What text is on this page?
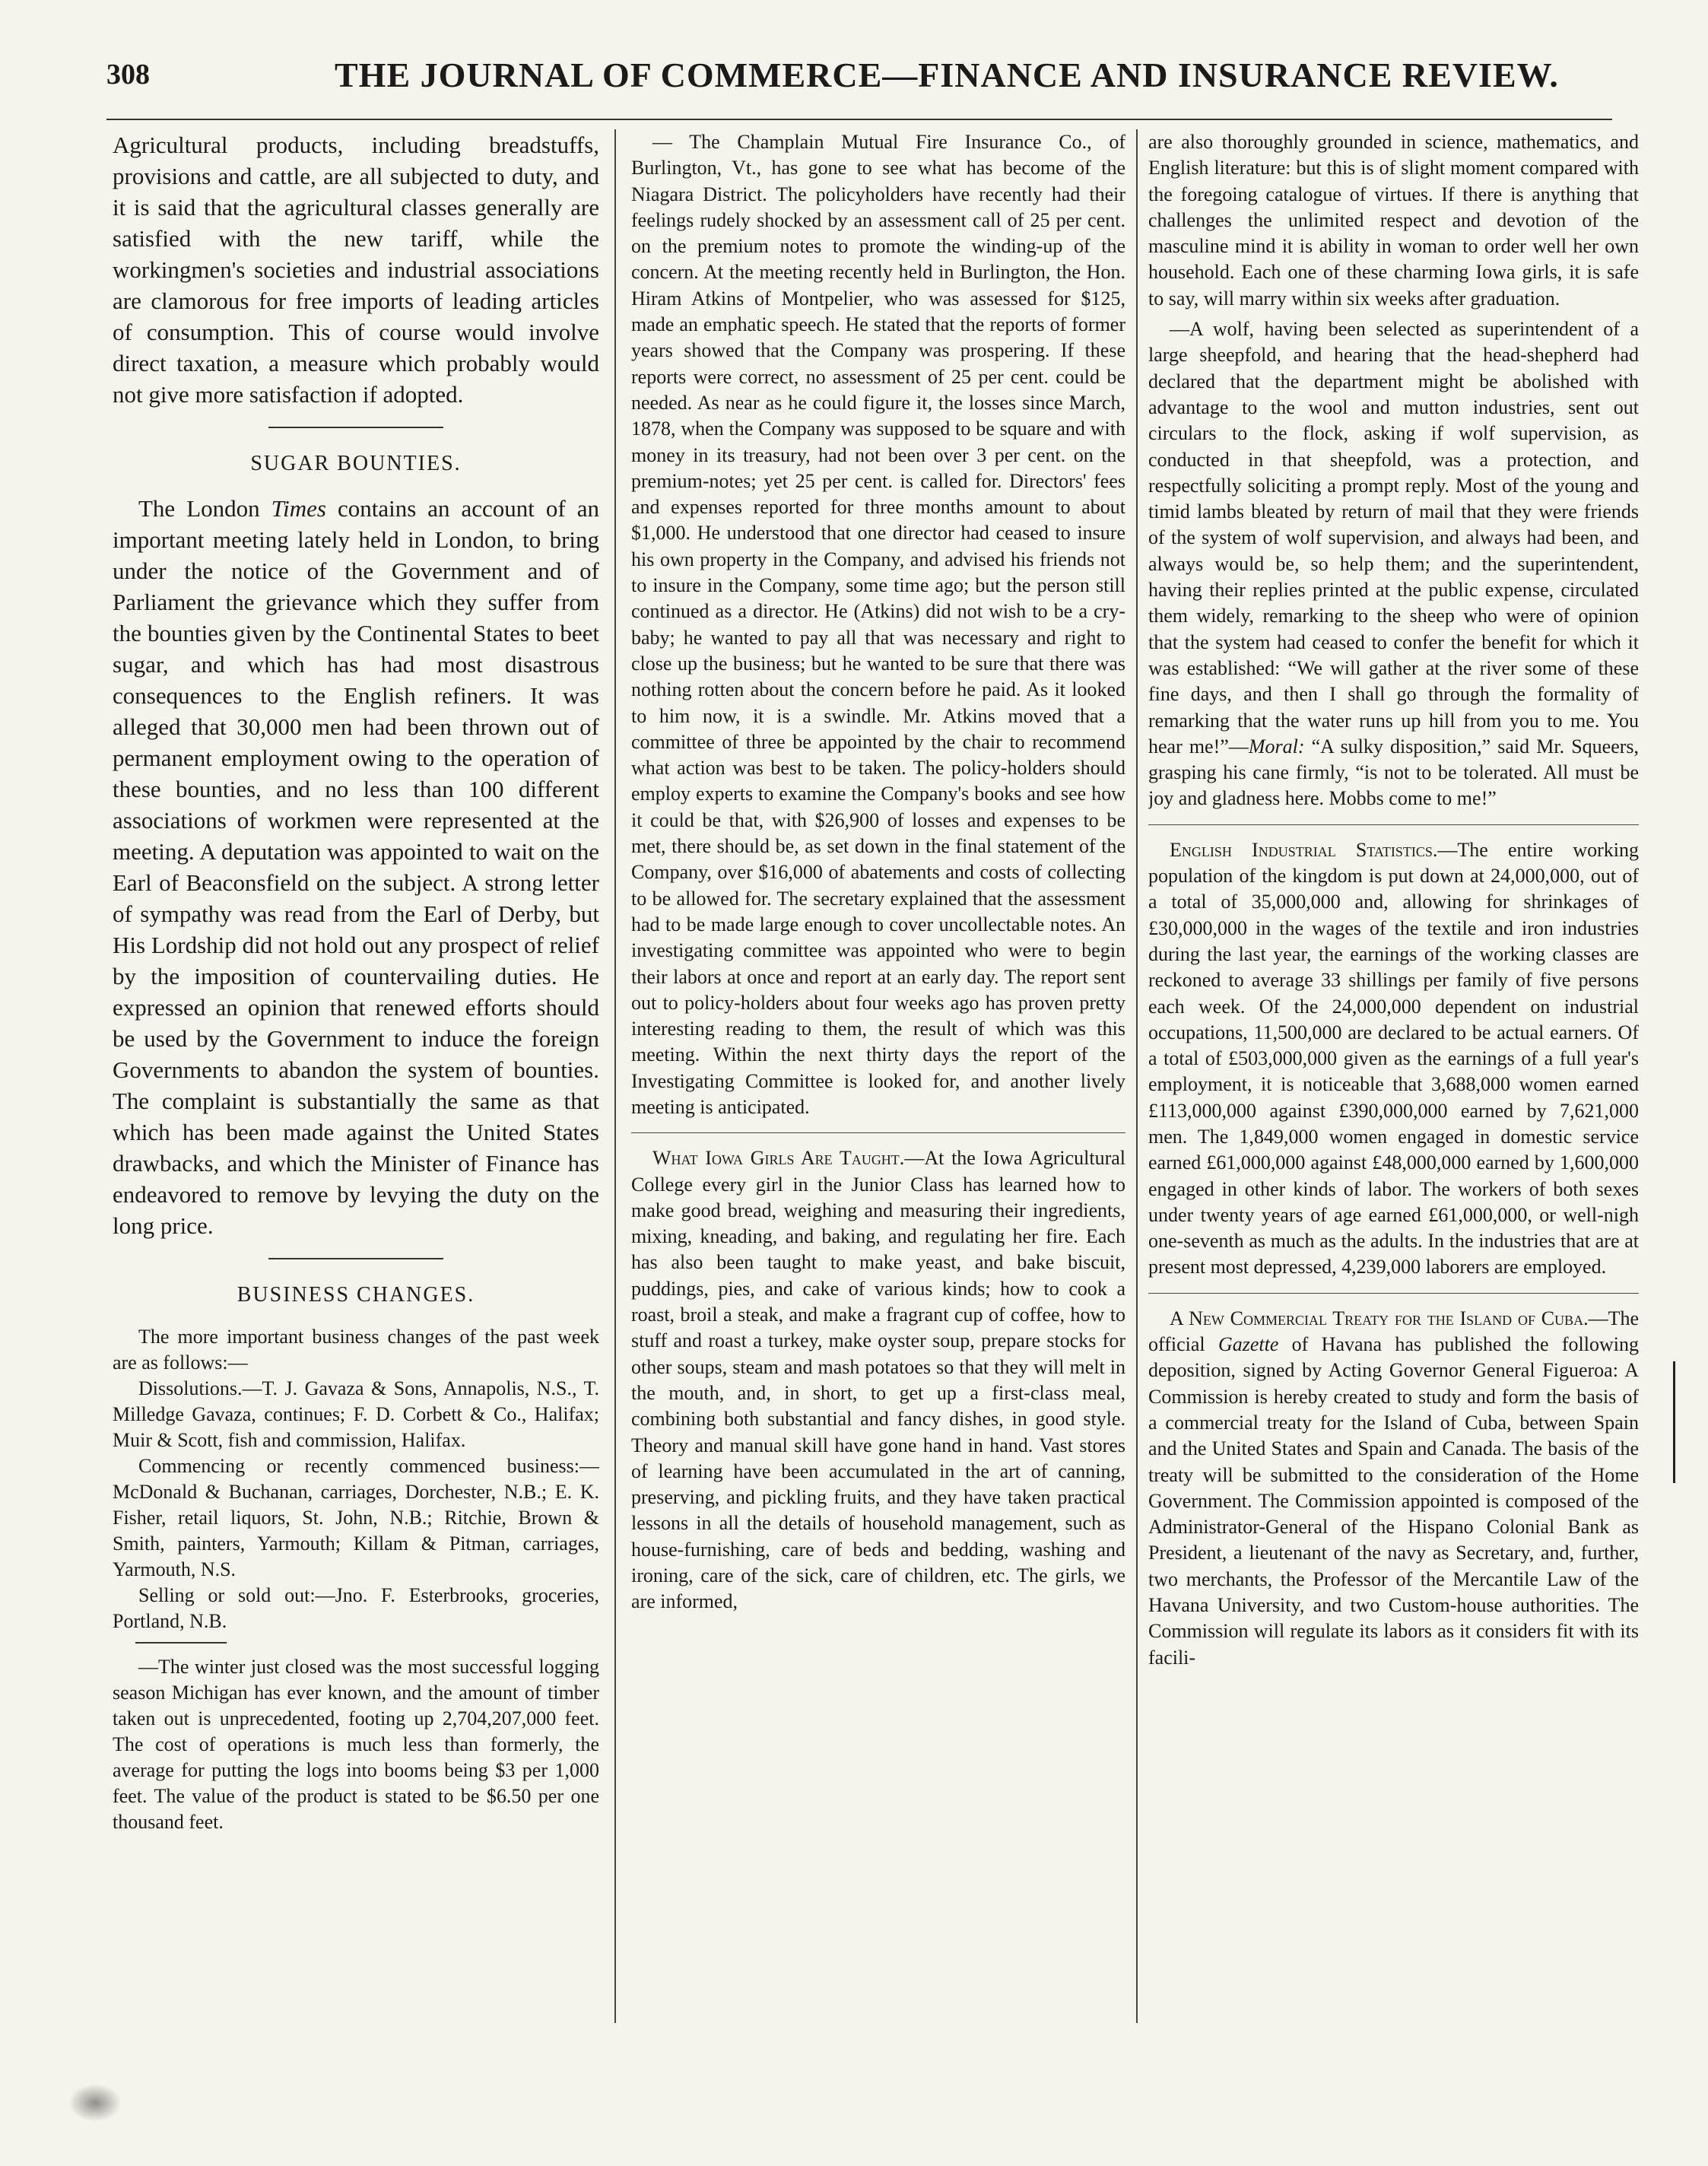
308	THE JOURNAL OF COMMERCE—FINANCE AND INSURANCE REVIEW.

Agricultural products, including breadstuffs, provisions and cattle, are all subjected to duty, and it is said that the agricultural classes generally are satisfied with the new tariff, while the workingmen's societies and industrial associations are clamorous for free imports of leading articles of consumption. This of course would involve direct taxation, a measure which probably would not give more satisfaction if adopted.

SUGAR BOUNTIES.

The London Times contains an account of an important meeting lately held in London, to bring under the notice of the Government and of Parliament the grievance which they suffer from the bounties given by the Continental States to beet sugar, and which has had most disastrous consequences to the English refiners. It was alleged that 30,000 men had been thrown out of permanent employment owing to the operation of these bounties, and no less than 100 different associations of workmen were represented at the meeting. A deputation was appointed to wait on the Earl of Beaconsfield on the subject. A strong letter of sympathy was read from the Earl of Derby, but His Lordship did not hold out any prospect of relief by the imposition of countervailing duties. He expressed an opinion that renewed efforts should be used by the Government to induce the foreign Governments to abandon the system of bounties. The complaint is substantially the same as that which has been made against the United States drawbacks, and which the Minister of Finance has endeavored to remove by levying the duty on the long price.

BUSINESS CHANGES.

The more important business changes of the past week are as follows:—

Dissolutions.—T. J. Gavaza & Sons, Annapolis, N.S., T. Milledge Gavaza, continues; F. D. Corbett & Co., Halifax; Muir & Scott, fish and commission, Halifax.

Commencing or recently commenced business:—McDonald & Buchanan, carriages, Dorchester, N.B.; E. K. Fisher, retail liquors, St. John, N.B.; Ritchie, Brown & Smith, painters, Yarmouth; Killam & Pitman, carriages, Yarmouth, N.S.

Selling or sold out:—Jno. F. Esterbrooks, groceries, Portland, N.B.

—The winter just closed was the most successful logging season Michigan has ever known, and the amount of timber taken out is unprecedented, footing up 2,704,207,000 feet. The cost of operations is much less than formerly, the average for putting the logs into booms being $3 per 1,000 feet. The value of the product is stated to be $6.50 per one thousand feet.

— The Champlain Mutual Fire Insurance Co., of Burlington, Vt., has gone to see what has become of the Niagara District. The policyholders have recently had their feelings rudely shocked by an assessment call of 25 per cent. on the premium notes to promote the winding-up of the concern. At the meeting recently held in Burlington, the Hon. Hiram Atkins of Montpelier, who was assessed for $125, made an emphatic speech. He stated that the reports of former years showed that the Company was prospering. If these reports were correct, no assessment of 25 per cent. could be needed. As near as he could figure it, the losses since March, 1878, when the Company was supposed to be square and with money in its treasury, had not been over 3 per cent. on the premium-notes; yet 25 per cent. is called for. Directors' fees and expenses reported for three months amount to about $1,000. He understood that one director had ceased to insure his own property in the Company, and advised his friends not to insure in the Company, some time ago; but the person still continued as a director. He (Atkins) did not wish to be a cry-baby; he wanted to pay all that was necessary and right to close up the business; but he wanted to be sure that there was nothing rotten about the concern before he paid. As it looked to him now, it is a swindle. Mr. Atkins moved that a committee of three be appointed by the chair to recommend what action was best to be taken. The policy-holders should employ experts to examine the Company's books and see how it could be that, with $26,900 of losses and expenses to be met, there should be, as set down in the final statement of the Company, over $16,000 of abatements and costs of collecting to be allowed for. The secretary explained that the assessment had to be made large enough to cover uncollectable notes. An investigating committee was appointed who were to begin their labors at once and report at an early day. The report sent out to policy-holders about four weeks ago has proven pretty interesting reading to them, the result of which was this meeting. Within the next thirty days the report of the Investigating Committee is looked for, and another lively meeting is anticipated.

What Iowa Girls Are Taught.—At the Iowa Agricultural College every girl in the Junior Class has learned how to make good bread, weighing and measuring their ingredients, mixing, kneading, and baking, and regulating her fire. Each has also been taught to make yeast, and bake biscuit, puddings, pies, and cake of various kinds; how to cook a roast, broil a steak, and make a fragrant cup of coffee, how to stuff and roast a turkey, make oyster soup, prepare stocks for other soups, steam and mash potatoes so that they will melt in the mouth, and, in short, to get up a first-class meal, combining both substantial and fancy dishes, in good style. Theory and manual skill have gone hand in hand. Vast stores of learning have been accumulated in the art of canning, preserving, and pickling fruits, and they have taken practical lessons in all the details of household management, such as house-furnishing, care of beds and bedding, washing and ironing, care of the sick, care of children, etc. The girls, we are informed,

are also thoroughly grounded in science, mathematics, and English literature: but this is of slight moment compared with the foregoing catalogue of virtues. If there is anything that challenges the unlimited respect and devotion of the masculine mind it is ability in woman to order well her own household. Each one of these charming Iowa girls, it is safe to say, will marry within six weeks after graduation.

—A wolf, having been selected as superintendent of a large sheepfold, and hearing that the head-shepherd had declared that the department might be abolished with advantage to the wool and mutton industries, sent out circulars to the flock, asking if wolf supervision, as conducted in that sheepfold, was a protection, and respectfully soliciting a prompt reply. Most of the young and timid lambs bleated by return of mail that they were friends of the system of wolf supervision, and always had been, and always would be, so help them; and the superintendent, having their replies printed at the public expense, circulated them widely, remarking to the sheep who were of opinion that the system had ceased to confer the benefit for which it was established: “We will gather at the river some of these fine days, and then I shall go through the formality of remarking that the water runs up hill from you to me. You hear me!”—Moral: “A sulky disposition,” said Mr. Squeers, grasping his cane firmly, “is not to be tolerated. All must be joy and gladness here. Mobbs come to me!”

English Industrial Statistics.—The entire working population of the kingdom is put down at 24,000,000, out of a total of 35,000,000 and, allowing for shrinkages of £30,000,000 in the wages of the textile and iron industries during the last year, the earnings of the working classes are reckoned to average 33 shillings per family of five persons each week. Of the 24,000,000 dependent on industrial occupations, 11,500,000 are declared to be actual earners. Of a total of £503,000,000 given as the earnings of a full year's employment, it is noticeable that 3,688,000 women earned £113,000,000 against £390,000,000 earned by 7,621,000 men. The 1,849,000 women engaged in domestic service earned £61,000,000 against £48,000,000 earned by 1,600,000 engaged in other kinds of labor. The workers of both sexes under twenty years of age earned £61,000,000, or well-nigh one-seventh as much as the adults. In the industries that are at present most depressed, 4,239,000 laborers are employed.

A New Commercial Treaty for the Island of Cuba.—The official Gazette of Havana has published the following deposition, signed by Acting Governor General Figueroa: A Commission is hereby created to study and form the basis of a commercial treaty for the Island of Cuba, between Spain and the United States and Spain and Canada. The basis of the treaty will be submitted to the consideration of the Home Government. The Commission appointed is composed of the Administrator-General of the Hispano Colonial Bank as President, a lieutenant of the navy as Secretary, and, further, two merchants, the Professor of the Mercantile Law of the Havana University, and two Custom-house authorities. The Commission will regulate its labors as it considers fit with its facili-
